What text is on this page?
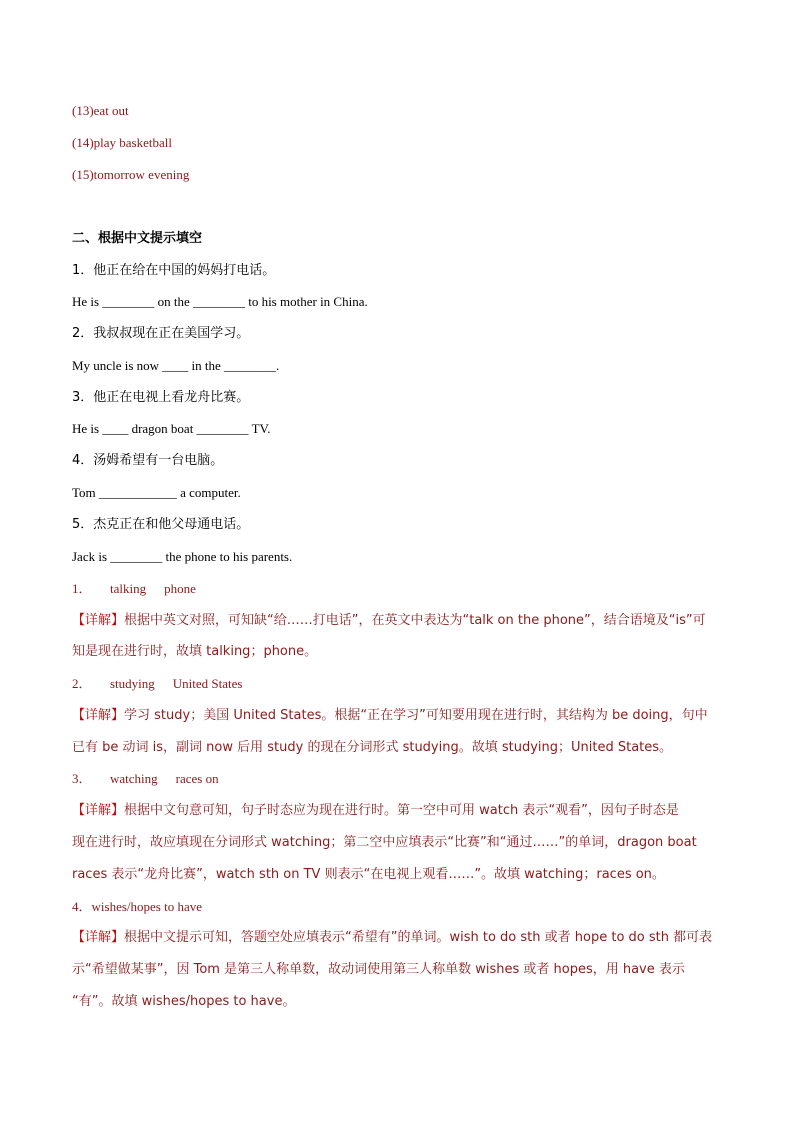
(13)eat out
(14)play basketball
(15)tomorrow evening
二、根据中文提示填空
1．他正在给在中国的妈妈打电话。
He is ________ on the ________ to his mother in China.
2．我叔叔现在正在美国学习。
My uncle is now ____ in the ________.
3．他正在电视上看龙舟比赛。
He is ____ dragon boat ________ TV.
4．汤姆希望有一台电脑。
Tom ____________ a computer.
5．杰克正在和他父母通电话。
Jack is ________ the phone to his parents.
1． talking phone
【详解】根据中英文对照，可知缺“给……打电话”，在英文中表达为“talk on the phone”，结合语境及“is”可
知是现在进行时，故填 talking；phone。
2． studying United States
【详解】学习 study；美国 United States。根据“正在学习”可知要用现在进行时，其结构为 be doing，句中
已有 be 动词 is，副词 now 后用 study 的现在分词形式 studying。故填 studying；United States。
3． watching races on
【详解】根据中文句意可知，句子时态应为现在进行时。第一空中可用 watch 表示“观看”，因句子时态是
现在进行时，故应填现在分词形式 watching；第二空中应填表示“比赛”和“通过……”的单词，dragon boat
races 表示“龙舟比赛”，watch sth on TV 则表示“在电视上观看……”。故填 watching；races on。
4．wishes/hopes to have
【详解】根据中文提示可知，答题空处应填表示“希望有”的单词。wish to do sth 或者 hope to do sth 都可表
示“希望做某事”，因 Tom 是第三人称单数，故动词使用第三人称单数 wishes 或者 hopes，用 have 表示
“有”。故填 wishes/hopes to have。
